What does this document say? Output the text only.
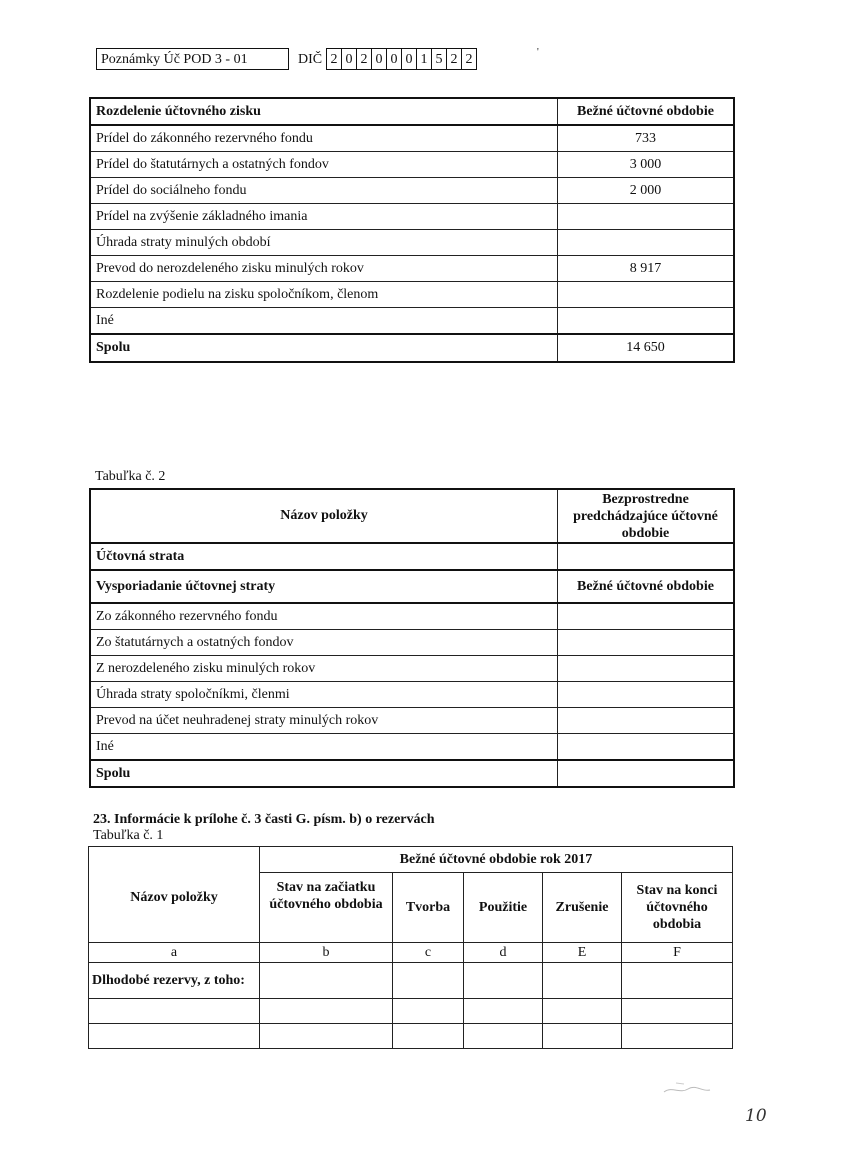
Poznámky Úč POD 3 - 01	DIČ 2 0 2 0 0 0 1 5 2 2	'
Rozdelenie účtovného zisku	Bežné účtovné obdobie
Prídel do zákonného rezervného fondu	733
Prídel do štatutárnych a ostatných fondov	3 000
Prídel do sociálneho fondu	2 000
Prídel na zvýšenie základného imania	
Úhrada straty minulých období	
Prevod do nerozdeleného zisku minulých rokov	8 917
Rozdelenie podielu na zisku spoločníkom, členom	
Iné	
Spolu	14 650
Tabuľka č. 2
Názov položky	Bezprostredne predchádzajúce účtovné obdobie
Účtovná strata	
Vysporiadanie účtovnej straty	Bežné účtovné obdobie
Zo zákonného rezervného fondu	
Zo štatutárnych a ostatných fondov	
Z nerozdeleného zisku minulých rokov	
Úhrada straty spoločníkmi, členmi	
Prevod na účet neuhradenej straty minulých rokov	
Iné	
Spolu	
23. Informácie k prílohe č. 3 časti G. písm. b) o rezervách
Tabuľka č. 1
Názov položky	Bežné účtovné obdobie rok 2017				
	Stav na začiatku účtovného obdobia	Tvorba	Použitie	Zrušenie	Stav na konci účtovného obdobia
a	b	c	d	E	F
Dlhodobé rezervy, z toho:					

10
